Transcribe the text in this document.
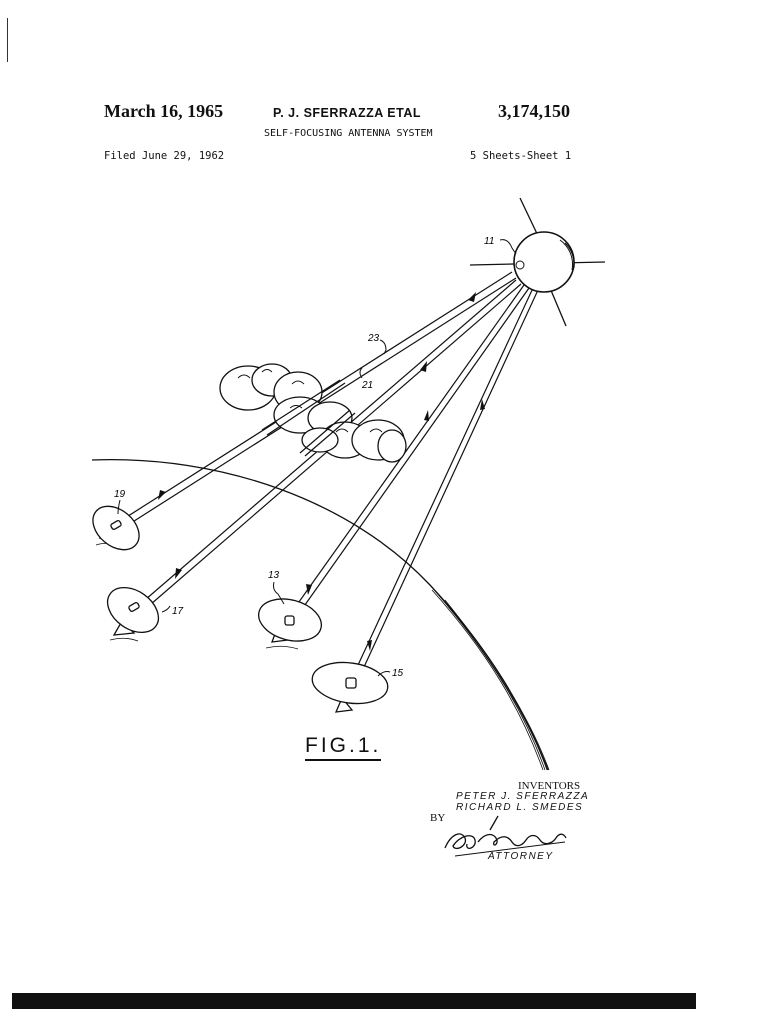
March 16, 1965	P. J. SFERRAZZA ETAL	3,174,150
SELF-FOCUSING ANTENNA SYSTEM
Filed June 29, 1962	5 Sheets-Sheet 1
11
23
21
19
17
13
15
FIG.1.
INVENTORS
PETER J. SFERRAZZA
RICHARD L. SMEDES
BY
ATTORNEY
